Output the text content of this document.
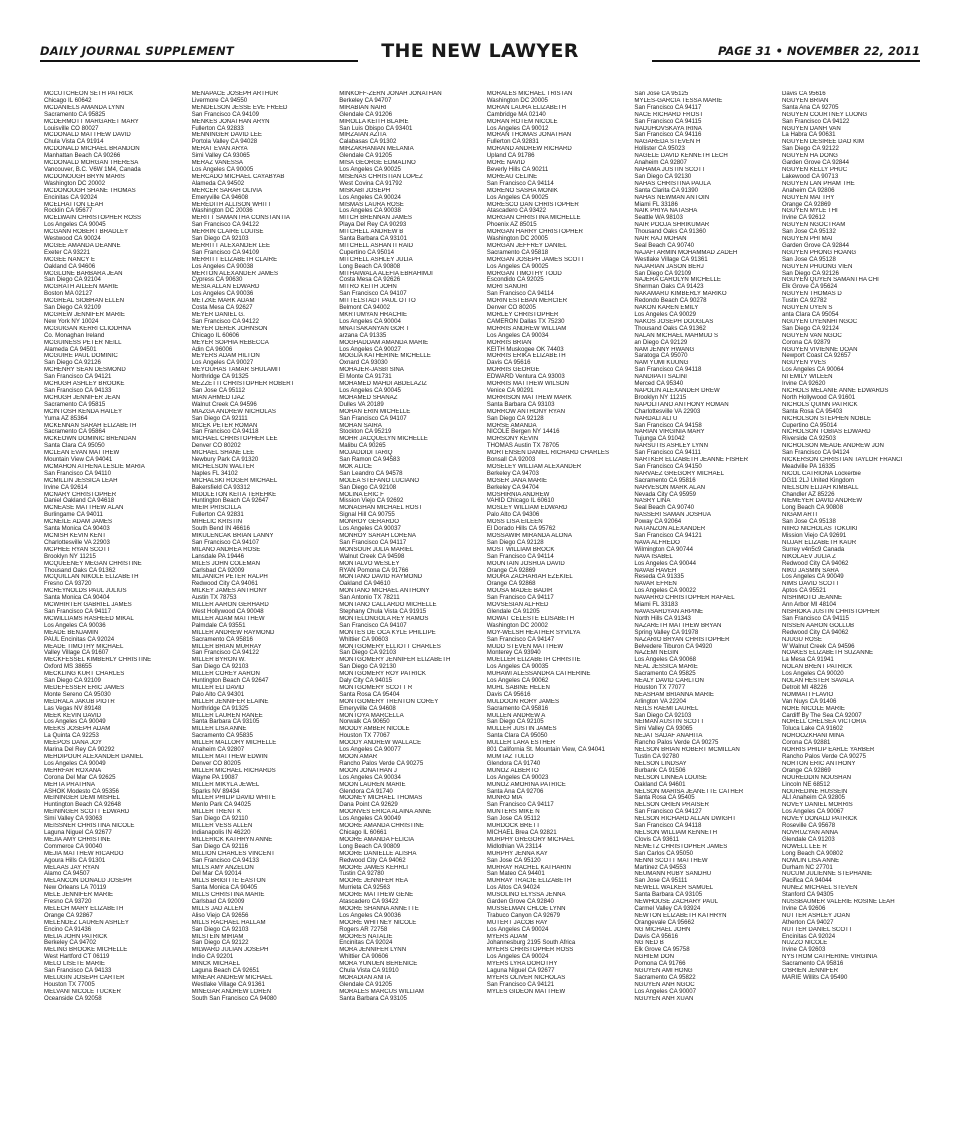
DAILY JOURNAL SUPPLEMENT	THE NEW LAWYER	PAGE 31 • NOVEMBER 22, 2011
MCCUTCHEON SETH PATRICK
Chicago IL 60642
MCDANIELS AMANDA LYNN
Sacramento CA 95825
MCDERMOTT MARGARET MARY
Louisville CO 80027
MCDONALD MATTHEW DAVID
Chula Vista CA 91914
MCDONALD MICHAEL BRANDON
Manhattan Beach CA 90266
MCDONALD MORGAN THERESA
Vancouver, B.C. V6W 1M4, Canada
MCDONOUGH BRYN MARIS
Washington DC 20002
MCDONOUGH SHANE THOMAS
Encinitas CA 92024
MCELHATTON LEAH
Rocklin CA 95677
MCELWAIN CHRISTOPHER ROSS
Los Angeles CA 90045
MCGANN ROBERT BRADLEY
Westwood CA 90024
MCGEE AMANDA DEANNE
Exeter CA 93221
MCGEE NANCY E
Oakland CA 94606
MCGLONE BARBARA JEAN
San Diego CA 92104
MCGRATH AILEEN MARIE
Boston MA 02127
MCGREAL SIOBHAN ELLEN
San Diego CA 92109
MCGREW JENNIFER MARIE
New York NY 10024
MCGUIGAN KERRI CLIODHNA
Co. Monaghan Ireland
MCGUINESS PETER NEILL
Alameda CA 94501
MCGUIRE PAUL DOMINIC
San Diego CA 92126
MCHENRY SEAN DESMOND
San Francisco CA 94121
MCHUGH ASHLEY BROOKE
San Francisco CA 94133
MCHUGH JENNIFER JEAN
Sacramento CA 95815
MCINTOSH KENDA HAILEY
Yuma AZ 85364
MCKENNAN SARAH ELIZABETH
Sacramento CA 95864
MCKEOWN DOMINIC BRENDAN
Santa Clara CA 95050
MCLEAN EVAN MATTHEW
Mountain View CA 94041
MCMAHON ATHENA LESLIE MARIA
San Francisco CA 94110
MCMILLIN JESSICA LEAH
Irvine CA 92614
MCNARY CHRISTOPHER
Daniel Oakland CA 94618
MCNEASE MATTHEW ALAN
Burlingame CA 94011
MCNEILE ADAM JAMES
Santa Monica CA 90403
MCNISH KEVIN KENT
Charlottesville VA 22903
MCPHEE RYAN SCOTT
Brooklyn NY 11215
MCQUEENEY MEGAN CHRISTINE
Thousand Oaks CA 91362
MCQUILLAN NIKOLE ELIZABETH
Fresno CA 93720
MCREYNOLDS PAUL JULIUS
Santa Monica CA 90404
MCWHIRTER GABRIEL JAMES
San Francisco CA 94117
MCWILLIAMS RASHEED MIKAL
Los Angeles CA 90036
MEADE BENJAMIN
PAUL Encinitas CA 92024
MEADE TIMOTHY MICHAEL
Valley Village CA 91607
MECKFESSEL KIMBERLY CHRISTINE
Oxford MS 38655
MECKLING KURT CHARLES
San Diego CA 92109
MEDEFESSER ERIC JAMES
Monte Sereno CA 95030
MEDRALA JAKUB PIOTR
Las Vegas NV 89148
MEEK KEVIN DAVID
Los Angeles CA 90049
MEEKS JOSEPH ADAM
La Quinta CA 92253
MEEPOS DANA JOY
Marina Del Rey CA 90292
MEHDIPOUR ALEXANDER DANIEL
Los Angeles CA 90049
MEHRFAR ROXANA
Corona Del Mar CA 92625
MEHTA PRATHNA
ASHOK Modesto CA 95356
MEININGER DEMI MISHEL
Huntington Beach CA 92648
MEININGER SCOTT EDWARD
Simi Valley CA 93063
MEISSNER CHRISTINA NICOLE
Laguna Niguel CA 92677
MEJIA AMY CHRISTINE
Commerce CA 90040
MEJIA MATTHEW RICARDO
Agoura Hills CA 91301
MELAAS JAY RYAN
Alamo CA 94507
MELANCON DONALD JOSEPH
New Orleans LA 70119
MELE JENNIFER MARIE
Fresno CA 93720
MELECH MARY ELIZABETH
Orange CA 92867
MELENDEZ LAUREN ASHLEY
Encino CA 91436
MELIA JOHN PATRICK
Berkeley CA 94702
MELING BROOKE MICHELLE
West Hartford CT 06119
MELO LISETE MARIE
San Francisco CA 94133
MELUGIN JOSEPH CARTER
Houston TX 77005
MELVANI NICOLE TUCKER
Oceanside CA 92058
MENAPACE JOSEPH ARTHUR
Livermore CA 94550
MENDELSON JESSE EVE FREED
San Francisco CA 94109
MENKES JONATHAN ARYN
Fullerton CA 92833
MENNINGER DAVID LEE
Portola Valley CA 94028
MERAT EVAN ARYA
Simi Valley CA 93065
MERAZ VANESSA
Los Angeles CA 90005
MERCADO MICHAEL CAYABYAB
Alameda CA 94502
MERCER SARAH OLIVIA
Emeryville CA 94608
MEREDITH ALLISON WHITT
Washington DC 20036
MERITT SAMANTHA CONSTANTIA
San Francisco CA 94122
MERRIN CLAIRE LOUISE
San Diego CA 92103
MERRITT ALEXANDER LEE
San Francisco CA 94109
MERRITT ELIZABETH CLAIRE
Los Angeles CA 90038
MERTON ALEXANDER JAMES
Cypress CA 90630
MESIA ALLAN EDWARD
Los Angeles CA 90036
METZKE MARK ADAM
Costa Mesa CA 92627
MEYER DANIEL G.
San Francisco CA 94122
MEYER DEREK JOHNSON
Chicago IL 60606
MEYER SOPHIA REBECCA
Adin CA 96006
MEYERS ADAM HILTON
Los Angeles CA 90027
MEYOUHAS TAMAR SHULAMIT
Northridge CA 91325
MEZZETTI CHRISTOPHER ROBERT
San Jose CA 95112
MIAN AHMED IJAZ
Walnut Creek CA 94596
MIAZGA ANDREW NICHOLAS
San Diego CA 92111
MICEK PETER ROMAN
San Francisco CA 94118
MICHAEL CHRISTOPHER LEE
Denver CO 80202
MICHAEL SHANE LEE
Newbury Park CA 91320
MICHELSON WALTER
Naples FL 34102
MICHALSKI ROGER MICHAEL
Bakersfield CA 93312
MIDDLETON KEITA TEREHKE
Huntington Beach CA 92647
MIEIR PRISCILLA
Fullerton CA 92831
MIHELIC KRISTIN
South Bend IN 46616
MIKULENCAK BRIAN LANNY
San Francisco CA 94107
MILANO ANDREA ROSE
Lansdale PA 19446
MILES JOHN COLEMAN
Carlsbad CA 92009
MILJANICH PETER RALPH
Redwood City CA 94061
MILKEY JAMES ANTHONY
Austin TX 78753
MILLER AARON GERHARD
West Hollywood CA 90048
MILLER ADAM MATTHEW
Palmdale CA 93551
MILLER ANDREW RAYMOND
Sacramento CA 95816
MILLER BRIAN MURRAY
San Francisco CA 94122
MILLER BYRON W.
San Diego CA 92103
MILLER COREY AARON
Huntington Beach CA 92647
MILLER ELI DAVID
Palo Alto CA 94301
MILLER JENNIFER ELAINE
Northridge CA 91325
MILLER LAUREN RANEE
Santa Barbara CA 93105
MILLER LISA ANNE
Sacramento CA 95835
MILLER MALLORY MICHELLE
Anaheim CA 92807
MILLER MATTHEW EDWIN
Denver CO 80205
MILLER MICHAEL RICHARDS
Wayne PA 19087
MILLER MIKYLA JEWEL
Sparks NV 89434
MILLER PHILIP DAVID WHITE
Menlo Park CA 94025
MILLER TRENT K
San Diego CA 92110
MILLER VESS ALLEN
Indianapolis IN 46220
MILLERICK KATHRYN ANNE
San Diego CA 92116
MILLION CHARLES VINCENT
San Francisco CA 94133
MILLS AMY ANZELON
Del Mar CA 92014
MILLS BRIGITTE EASTON
Santa Monica CA 90405
MILLS CHRISTINA MARIE
Carlsbad CA 92009
MILLS JAD ALLEN
Aliso Viejo CA 92656
MILLS RACHAEL HALLAM
San Diego CA 92103
MILSTEIN MIRIAM
San Diego CA 92122
MILWARD JULIAN JOSEPH
Indio CA 92201
MINCK MICHAEL
Laguna Beach CA 92651
MINEAR ANDREW MICHAEL
Westlake Village CA 91361
MINEGAR ANDREW LOREN
South San Francisco CA 94080
MINKOFF-ZERN JONAH JONATHAN
Berkeley CA 94707
MIRABIAN NAIRI
Glendale CA 91206
MIROLLA KEITH BLAIRE
San Luis Obispo CA 93401
MIRZAIAN AZITA
Calabasas CA 91302
MIRZAKHANIAN MELANIA
Glendale CA 91205
MISA GEORGE EDMALINO
Los Angeles CA 90025
MISENAS CHRISTIAN LOPEZ
West Covina CA 91792
MISKABI JOSEPH
Los Angeles CA 90024
MISMAS LAURA ROSE
Los Angeles CA 90038
MITCH BRENNAN JAMES
Playa Del Rey CA 90293
MITCHELL ANDREW B
Santa Barbara CA 93101
MITCHELL ASHANTI RAID
Cupertino CA 95014
MITCHELL ASHLEY JULIA
Long Beach CA 90808
MITHAIWALA ALEFIA EBRAHIMJI
Costa Mesa CA 92626
MITRO KEITH JOHN
San Francisco CA 94107
MITTELSTADT PAUL OTTO
Belmont CA 94002
MKRTUMYAN HRACHIE
Los Angeles CA 90004
MNATSAKANYAN GOR T
arzana CA 91335
MOGHADDAM AMANDA MARIE
Los Angeles CA 90027
MOGLIA KATHERINE MICHELLE
Oxnard CA 93030
MOHAJER-JASBI SINA
El Monte CA 91731
MOHAMED MAHDI ABDELAZIZ
Los Angeles CA 90045
MOHAMED SHANAZ
Dulles VA 20189
MOHAN ERIN MICHELLE
San Francisco CA 94107
MOHAN SAIRA
Stockton CA 95219
MOHR JACQUELYN MICHELLE
Malibu CA 90265
MOJADDIDI TARIQ
San Ramon CA 94583
MOK ALICE
San Leandro CA 94578
MOLEA STEFANO LUCIANO
San Diego CA 92108
MOLINA ERIC F
Mission Viejo CA 92692
MONAGHAN MICHAEL ROST
Signal Hill CA 90755
MONROY GERARDO
Los Angeles CA 90037
MONROY SARAH LORENA
San Francisco CA 94117
MONSOUR JULIA MARIEL
Walnut Creek CA 94598
MONTALVO WESLEY
RYAN Pomona CA 91766
MONTANO DAVID RAYMOND
Oakland CA 94610
MONTANO MICHAEL ANTHONY
San Antonio TX 78211
MONTANO CALLARDO MICHELLE
Stephany Chula Vista CA 91915
MONTELONGOLA REY RAMOS
San Francisco CA 94107
MONTES DE OCA KYLE PHILLIPE
Whittier CA 90603
MONTGOMERY ELLIOTT CHARLES
San Diego CA 92103
MONTGOMERY JENNIFER ELIZABETH
San Diego CA 92130
MONTGOMERY ROY PATRICK
Daly City CA 94015
MONTGOMERY SCOTT R
Santa Rosa CA 95404
MONTGOMERY TRENTON COREY
Emeryville CA 94608
MONTOYA MARCELLA
Norwalk CA 90650
MOODY AMBER NICOLE
Houston TX 77067
MOODY ANDREW WALLACE
Los Angeles CA 90077
MOON AMAR
Rancho Palos Verde CA 90275
MOON JONATHAN J
Los Angeles CA 90034
MOON LAUREN MARIE
Glendora CA 91740
MOONEY MICHAEL THOMAS
Dana Point CA 92629
MOONVES ERICA ALAINA ANNE
Los Angeles CA 90049
MOORE AMANDA CHRISTINE
Chicago IL 60661
MOORE AMANDA FELICIA
Long Beach CA 90809
MOORE DANIELLE ALISHA
Redwood City CA 94062
MOORE JAMES KEHRLI
Tustin CA 92780
MOORE JENNIFER REA
Murrieta CA 92563
MOORE MATTHEW GENE
Atascadero CA 93422
MOORE SHANNA ANNETTE
Los Angeles CA 90036
MOORE WHITNEY NICOLE
Rogers AR 72758
MOORES NATALIE
Encinitas CA 92024
MORA JENNIFER LYNN
Whittier CA 90606
MORA YUNUEN BERENICE
Chula Vista CA 91910
MORADIAN ANITA
Glendale CA 91205
MORALES MARCUS WILLIAM
Santa Barbara CA 93105
MORALES MICHAEL TRISTAN
Washington DC 20005
MORAN LAURA ELIZABETH
Cambridge MA 02140
MORAN ROTEM NICOLE
Los Angeles CA 90012
MORAN THOMAS JONATHAN
Fullerton CA 92831
MORAND ANDREW RICHARD
Upland CA 91786
MORE NAVID
Beverly Hills CA 90211
MOREAU CELINE
San Francisco CA 94114
MORENO SASHA MONIK
Los Angeles CA 90025
MORESCO DAN CHRISTOPHER
Atascadero CA 93422
MORGAN CHRISTINA MICHELLE
Phoenix AZ 85015
MORGAN HARRY CHRISTOPHER
Washington DC 20005
MORGAN JEFFREY DANIEL
Sacramento CA 95818
MORGAN JOSEPH JAMES SCOTT
Los Angeles CA 90025
MORGAN TIMOTHY TODD
Escondido CA 92025
MORI SANURI
San Francisco CA 94114
MORIN ESTEBAN MERCIER
Denver CO 80205
MORLEY CHRISTOPHER
CAMERON Dallas TX 75230
MORRIS ANDREW WILLIAM
Los Angeles CA 90034
MORRIS BRIAN
KEITH Muskogee OK 74403
MORRIS ERIKA ELIZABETH
Davis CA 95616
MORRIS GEORGE
EDWARD Ventura CA 93003
MORRIS MATTHEW WILSON
Venice CA 90291
MORRISON MATTHEW MARK
Santa Barbara CA 93103
MORROW ANTHONY RYAN
San Diego CA 92128
MORSE AMANDA
NICOLE Bergen NY 14416
MORSONY KEVIN
THOMAS Austin TX 78705
MORTENSEN DANIEL RICHARD CHARLES
Bonsall CA 92003
MOSELEY WILLIAM ALEXANDER
Berkeley CA 94703
MOSER JANA MARIE
Berkeley CA 94704
MOSHIRNIA ANDREW
VAHID Chicago IL 60610
MOSLEY WILLIAM EDWARD
Palo Alto CA 94306
MOSS LISA EILEEN
El Dorado Hills CA 95762
MOSSAWIR MIRANDA ALONA
San Diego CA 92128
MOST WILLIAM BROCK
San Francisco CA 94114
MOUNTAIN JOSHUA DAVID
Orange CA 92869
MOURA ZACHARIAH EZEKIEL
Orange CA 92868
MOUSA MADEE BADIR
San Francisco CA 94117
MOVSESIAN ALFRED
Glendale CA 91205
MOWAT CELESTE ELISABETH
Washington DC 20002
MOY-WELSH HEATHER SYVILYA
San Francisco CA 94147
MUDD STEVEN MATTHEW
Monterey CA 93940
MUELLER ELIZABETH CHRISTIE
Los Angeles CA 90035
MUHAWI ALESSANDRA CATHERINE
Los Angeles CA 90062
MUHL SABINE HELEN
Davis CA 95616
MULDOON RORY JAMES
Sacramento CA 95816
MULLEN ANDREW A
San Diego CA 92105
MULLER JUSTIN JAMES
Santa Clara CA 95050
MULLER LARA ESTHER
801 California St. Mountain View, CA 94041
MUMTAZ TULLO
Glendora CA 91740
MUNOZ ALBERTO
Los Angeles CA 90023
MUNOZ AMORINA PATRICE
Santa Ana CA 92706
MUNRO MIA
San Francisco CA 94117
MUNTERS MIKE N
San Jose CA 95112
MURDOCK BRETT
MICHAEL Brea CA 92821
MURPHY GREGORY MICHAEL
Midlothian VA 23114
MURPHY JENNA KAY
San Jose CA 95120
MURRAY RACHEL KATHARIN
San Mateo CA 94401
MURRAY TRACIE ELIZABETH
Los Altos CA 94024
MUSOLINO ELYSSA JENNA
Garden Grove CA 92840
MUSSELMAN CHLOE LYNN
Trabuco Canyon CA 92679
MUTERT JACOB RAY
Los Angeles CA 90024
MYERS ADAM
Johannesburg 2195 South Africa
MYERS CHRISTOPHER ROSS
Los Angeles CA 90024
MYERS LYRA DOROTHY
Laguna Niguel CA 92677
MYERS OLIVER NICHOLAS
San Francisco CA 94121
MYLES GIDEON MATTHEW
San Jose CA 95125
MYLES-GARCIA TESSA MARIE
San Francisco CA 94117
NACE RICHARD FROST
San Francisco CA 94115
NADUHOVSKAYA IRINA
San Francisco CA 94116
NAGAREDA STEVEN H
Hollister CA 95023
NAGELE DAVID KENNETH LECH
Anaheim CA 92807
NAHAMA JUSTIN SCOTT
San Diego CA 92130
NAHAS CHRISTINA PAULA
Santa Clarita CA 91390
NAHAS NEWMAN ANTOIN
Miami FL 33186
NAIK PRIYA NATASHA
Seattle WA 98103
NAIR POOJA SHRIKUMAR
Thousand Oaks CA 91360
NAIR RAJ MOHAN
Seal Beach CA 90740
NAJAFI ARMIN MOHAMMAD ZADEH
Westlake Village CA 91361
NAJARIAN JASON BERJ
San Diego CA 92109
NAJERA CAROLYN MICHELLE
Sherman Oaks CA 91423
NAKAMARU KIMBERLY MARIKO
Redondo Beach CA 90278
NAKON KAREN EMILY
Los Angeles CA 90029
NAKOS JOSEPH DOUGLAS
Thousand Oaks CA 91362
NALAN MICHAEL MAHMUD S
an Diego CA 92129
NAM JENNY HWANG
Saratoga CA 95070
NAM YUMI KUUNG
San Francisco CA 94118
NANDIPATI SALINI
Merced CA 95340
NAPOLIN ALEXANDER DREW
Brooklyn NY 11215
NAPOLITANO ANTHONY ROMAN
Charlottesville VA 22903
NARDALI ALI U
San Francisco CA 94158
NARIAN VIRGINIA MARY
Tujunga CA 91042
NARSUTIS ASHLEY LYNN
San Francisco CA 94111
NARTKER ELIZABETH JEANNE FISHER
San Francisco CA 94150
NARVAEZ GREGORY MICHAEL
Sacramento CA 95816
NARVESON MARK ALAN
Nevada City CA 95959
NASRY LINA
Seal Beach CA 90740
NASSERI SAMAN JOSHUA
Poway CA 92064
NATANZON ALEXANDER
San Francisco CA 94121
NAVA ALFREDO
Wilmington CA 90744
NAVA ISABEL
Los Angeles CA 90044
NAVAB HAVEH
Reseda CA 91335
NAVAR EFREN
Los Angeles CA 90022
NAVARRO CHRISTOPHER RAFAEL
Miami FL 33183
NAVASARDYAN ARPINE
North Hills CA 91343
NAZARETH MATTHEW BRYAN
Spring Valley CA 91978
NAZARIO BRYAN CHRISTOPHER
Belvedere Tiburon CA 94920
NAZEMI NEGIN
Los Angeles CA 90068
NEAL JESSICA MARIE
Sacramento CA 95825
NEALY DAVID CARLTON
Houston TX 77077
NEASHAM BRIANNA MARIE
Arlington VA 22204
NEILS RAEMI LAUREL
San Diego CA 92103
NEIMAN AUSTIN SCOTT
Simi Valley CA 93065
NEJAT SADAF ANAHITA
Rancho Palos Verde CA 90275
NELSON BRIAN ROBERT MCMILLAN
Tustin CA 92780
NELSON LINDSAY
Burbank CA 91506
NELSON LINNEA LOUISE
Oakland CA 94601
NELSON MARISA JEANETTE CATHER
Santa Rosa CA 95405
NELSON ORIEN PRAISER
San Francisco CA 94127
NELSON RICHARD ALLAN DWIGHT
San Francisco CA 94118
NELSON WILLIAM KENNETH
Clovis CA 93611
NEMETZ CHRISTOPHER JAMES
San Carlos CA 95050
NENNI SCOTT MATTHEW
Martinez CA 94553
NEUMANN RUBY SANDHU
San Jose CA 95111
NEWELL WALKER SAMUEL
Santa Barbara CA 93105
NEWHOUSE ZACHARY PAUL
Carmel Valley CA 93924
NEWTON ELIZABETH KATHRYN
Orangevale CA 95662
NG MICHAEL JOHN
Davis CA 95616
NG NED B
Elk Grove CA 95758
NGHIEM DON
Pomona CA 91766
NGUYEN AMI HONG
Sacramento CA 95822
NGUYEN ANH NGOC
Los Angeles CA 90007
NGUYEN ANH XUAN
Davis CA 95616
NGUYEN BRIAN
Santa Ana CA 92705
NGUYEN COURTNEY LUONG
San Francisco CA 94122
NGUYEN DANH VAN
La Habra CA 90631
NGUYEN DESIREE DAO KIM
San Diego CA 92122
NGUYEN HA DONG
Garden Grove CA 92844
NGUYEN KELLY PHUC
Lakewood CA 90713
NGUYEN LAN PHAM THE
Anaheim CA 92806
NGUYEN MAI THY
Orange CA 92869
NGUYEN MYLE THI
Irvine CA 92612
NGUYEN NGOCTRAM
San Jose CA 95132
NGUYEN PHI MAI
Garden Grove CA 92844
NGUYEN PHONG HOANG
San Jose CA 95128
NGUYEN PHUONG VIEN
San Diego CA 92126
NGUYEN QUYEN SAMANTHA CHI
Elk Grove CA 95624
NGUYEN THOMAS D
Tustin CA 92782
NGUYEN UYEN S
anta Clara CA 95054
NGUYEN UYENNHI NGOC
San Diego CA 92124
NGUYEN VAN NGOC
Corona CA 92879
NGUYEN VIVIENNE DOAN
Newport Coast CA 92657
NGUYEN YVES
Los Angeles CA 90064
NI EMILY WILEEN
Irvine CA 92620
NICHOLS MELANIE ANNE EDWARDS
North Hollywood CA 91601
NICHOLS QUINN PATRICK
Santa Rosa CA 95403
NICHOLSON STEPHEN NOBLE
Cupertino CA 95014
NICHOLSON TOBIAS EDWARD
Riverside CA 92503
NICHOLSON MEADE ANDREW JON
San Francisco CA 94124
NICKERSON CHRISTIAN TAYLOR FRANCI
Meadville PA 16335
NICOL CATRIONA Lockerbie
DG11 2LJ United Kingdom
NIELSON ELIJAH KIMBALL
Chandler AZ 85226
NIEMEYER DAVID ANDREW
Long Beach CA 90808
NIGAM ARTI
San Jose CA 95138
NIIRO NICHOLAS TOKUIKI
Mission Viejo CA 92691
NIJJAR ELIZABETH KAUR
Surrey v4n5c9 Canada
NIKOLAEV JULIA Z
Redwood City CA 94062
NIKU JASMIN SARA
Los Angeles CA 90049
NIMS DAVID SCOTT
Aptos CA 95521
NISHIMOTO JEANNE
Ann Arbor MI 48104
NISHIOKA JUSTIN CHRISTOPHER
San Francisco CA 94115
NISSEN AARON GOLLUB
Redwood City CA 94062
NJUGU ROSE
W Walnut Creek CA 94596
NOAKES ELIZABETH SUZANNE
La Mesa CA 91941
NOLAN BRENT PATRICK
Los Angeles CA 90020
NOLAN HESTER SAVALA
Detroit MI 48226
NOMMATI FLAVIO
Van Nuys CA 91406
NORE NICOLE MARIE
Cardiff By The Sea CA 92007
NORELL CHELSEA VICTORIA
Toluca Lake CA 91602
NOROOZKHANI MINA
Corona CA 92881
NORRIS PHILIP EARLE YARBER
Rancho Palos Verde CA 90275
NORTON ERIC ANTHONY
Orange CA 92869
NOUREDDIN NOUSHAN
Lincoln NE 68512
NOUREDINE HUSSEIN
ALI Anaheim CA 92805
NOVEY DANIEL MORRIS
Los Angeles CA 90067
NOVEY DONALD PATRICK
Roseville CA 95678
NOVRUZYAN ANNA
Glendale CA 91203
NOWELL LEE R
Long Beach CA 90802
NOWLIN LISA ANNE
Durham NC 27701
NUCUM JULIENNE STEPHANIE
Pacifica CA 94044
NUNEZ MICHAEL STEVEN
Stanford CA 94305
NUSSBAUMER VALERIE ROSINE LEAH
Irvine CA 92606
NUTTER ASHLEY JOAN
Atherton CA 94027
NUTTER DANIEL SCOTT
Encinitas CA 92024
NUZZO NICOLE
Irvine CA 92603
NYSTROM CATHERINE VIRGINIA
Sacramento CA 95816
O'BRIEN JENNIFER
MARIE Willits CA 95490
